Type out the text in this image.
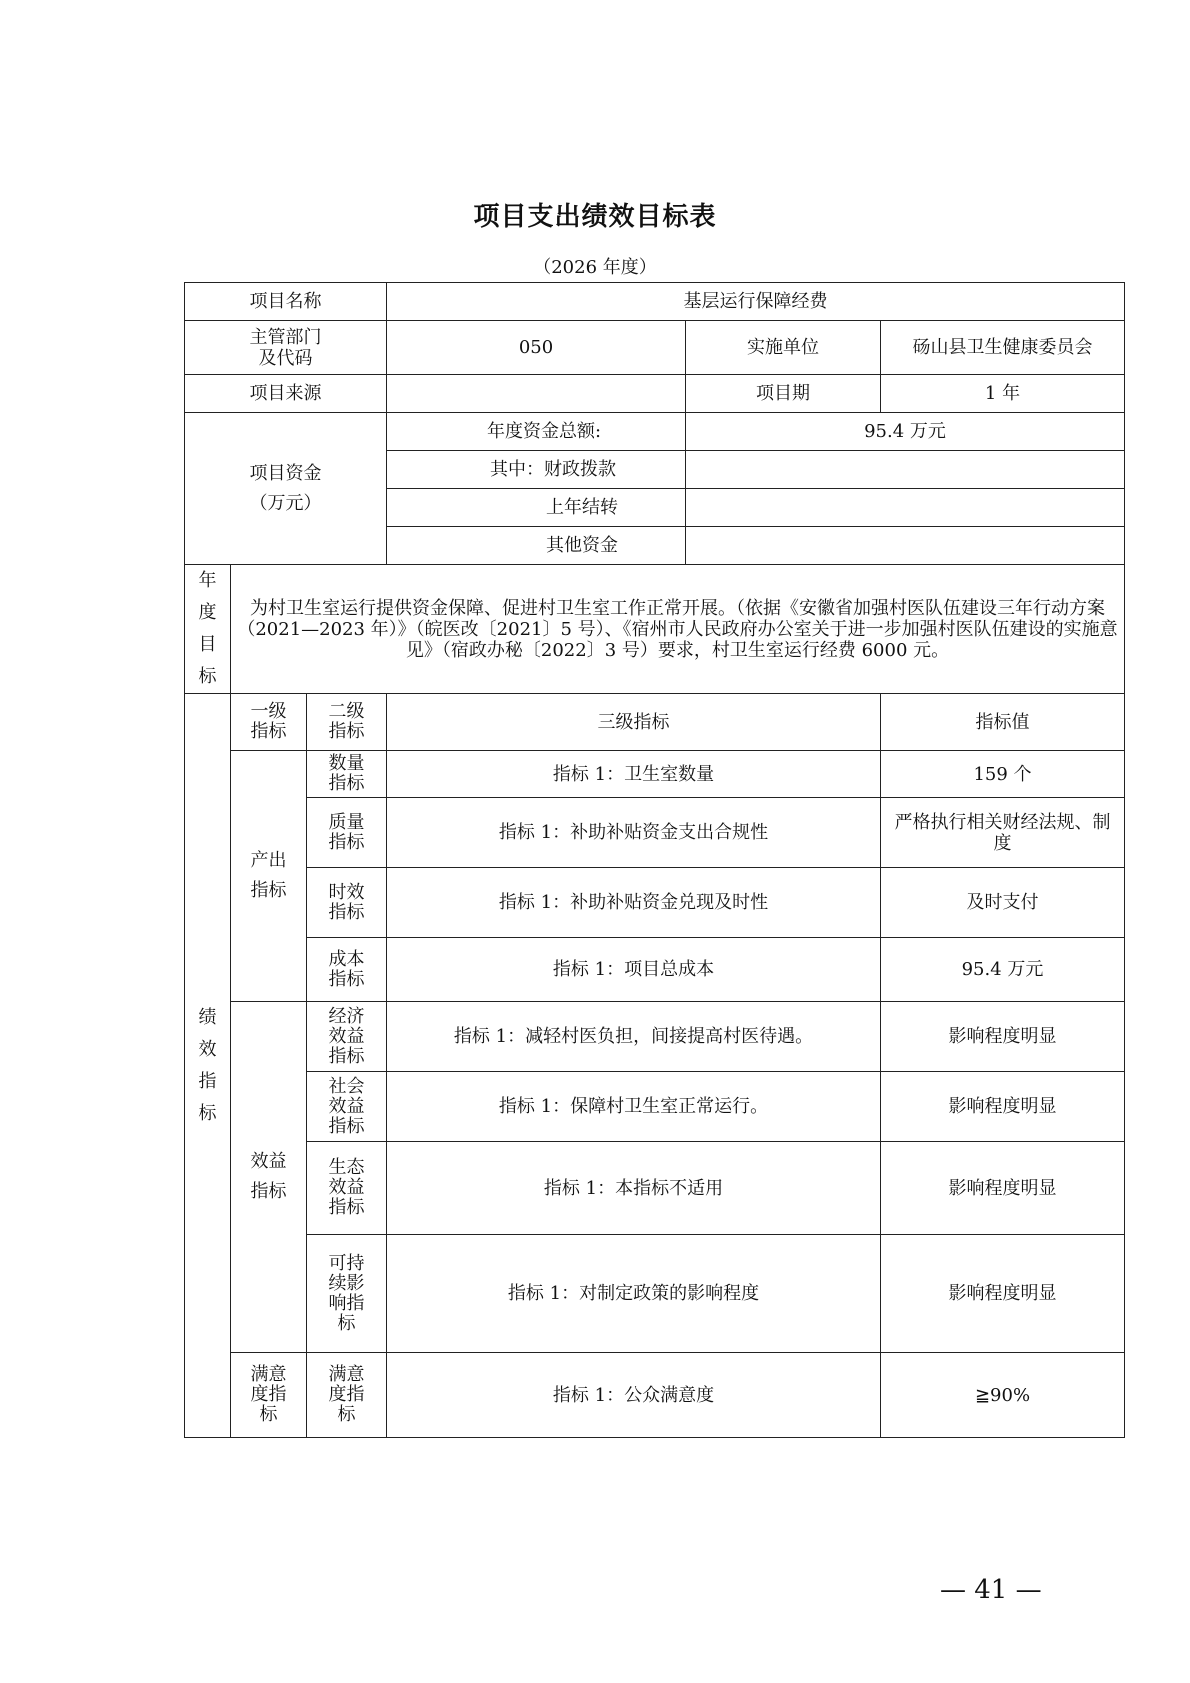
项目支出绩效目标表
（2026 年度）
项目名称			基层运行保障经费		

主管部门
及代码			050	实施单位	砀山县卫生健康委员会
项目来源				项目期	1 年

项目资金
（万元）			年度资金总额:	95.4 万元	
			其中：财政拨款		
			上年结转		
			其他资金		
年度目标	为村卫生室运行提供资金保障、促进村卫生室工作正常开展。（依据《安徽省加强村医队伍建设三年行动方案（2021—2023 年）》（皖医改〔2021〕5 号）、《宿州市人民政府办公室关于进一步加强村医队伍建设的实施意见》（宿政办秘〔2022〕3 号）要求，村卫生室运行经费 6000 元。				
绩效指标	一级指标	二级指标	三级指标		指标值
	产出指标	数量指标	指标 1：卫生室数量		159 个
		质量指标	指标 1：补助补贴资金支出合规性		严格执行相关财经法规、制度
		时效指标	指标 1：补助补贴资金兑现及时性		及时支付
		成本指标	指标 1：项目总成本		95.4 万元
	效益指标	经济效益指标	指标 1：减轻村医负担，间接提高村医待遇。		影响程度明显
		社会效益指标	指标 1：保障村卫生室正常运行。		影响程度明显
		生态效益指标	指标 1：本指标不适用		影响程度明显
		可持续影响指标	指标 1：对制定政策的影响程度		影响程度明显
	满意度指标	满意度指标	指标 1：公众满意度		≧90%
— 41 —
